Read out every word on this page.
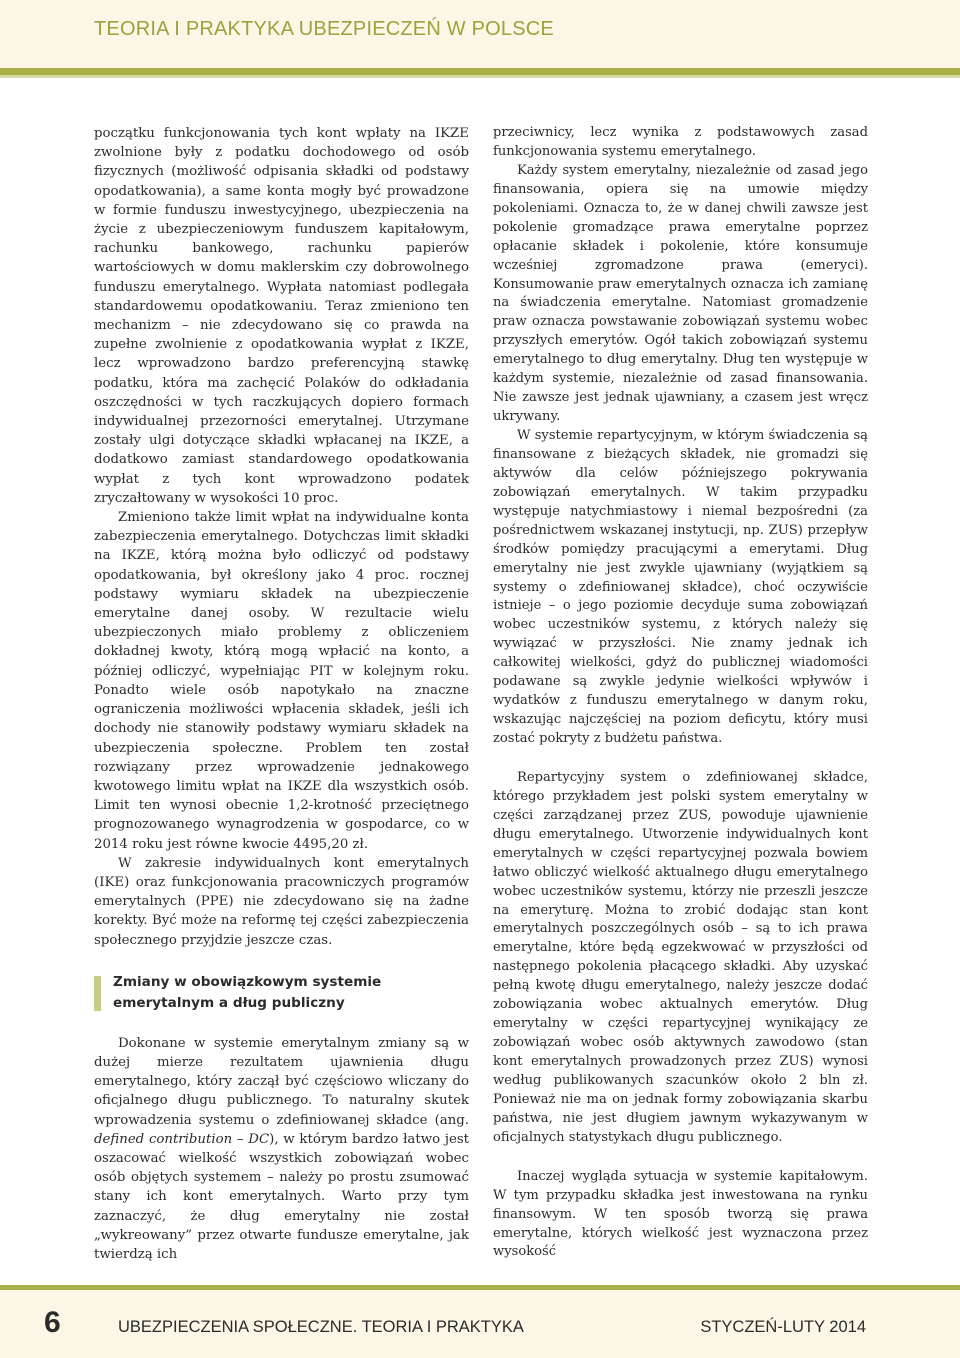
TEORIA I PRAKTYKA UBEZPIECZEŃ W POLSCE

początku funkcjonowania tych kont wpłaty na IKZE zwolnione były z podatku dochodowego od osób fizycznych (możliwość odpisania składki od podstawy opodatkowania), a same konta mogły być prowadzone w formie funduszu inwestycyjnego, ubezpieczenia na życie z ubezpieczeniowym funduszem kapitałowym, rachunku bankowego, rachunku papierów wartościowych w domu maklerskim czy dobrowolnego funduszu emerytalnego. Wypłata natomiast podlegała standardowemu opodatkowaniu. Teraz zmieniono ten mechanizm – nie zdecydowano się co prawda na zupełne zwolnienie z opodatkowania wypłat z IKZE, lecz wprowadzono bardzo preferencyjną stawkę podatku, która ma zachęcić Polaków do odkładania oszczędności w tych raczkujących dopiero formach indywidualnej przezorności emerytalnej. Utrzymane zostały ulgi dotyczące składki wpłacanej na IKZE, a dodatkowo zamiast standardowego opodatkowania wypłat z tych kont wprowadzono podatek zryczałtowany w wysokości 10 proc.

Zmieniono także limit wpłat na indywidualne konta zabezpieczenia emerytalnego. Dotychczas limit składki na IKZE, którą można było odliczyć od podstawy opodatkowania, był określony jako 4 proc. rocznej podstawy wymiaru składek na ubezpieczenie emerytalne danej osoby. W rezultacie wielu ubezpieczonych miało problemy z obliczeniem dokładnej kwoty, którą mogą wpłacić na konto, a później odliczyć, wypełniając PIT w kolejnym roku. Ponadto wiele osób napotykało na znaczne ograniczenia możliwości wpłacenia składek, jeśli ich dochody nie stanowiły podstawy wymiaru składek na ubezpieczenia społeczne. Problem ten został rozwiązany przez wprowadzenie jednakowego kwotowego limitu wpłat na IKZE dla wszystkich osób. Limit ten wynosi obecnie 1,2-krotność przeciętnego prognozowanego wynagrodzenia w gospodarce, co w 2014 roku jest równe kwocie 4495,20 zł.

W zakresie indywidualnych kont emerytalnych (IKE) oraz funkcjonowania pracowniczych programów emerytalnych (PPE) nie zdecydowano się na żadne korekty. Być może na reformę tej części zabezpieczenia społecznego przyjdzie jeszcze czas.

Zmiany w obowiązkowym systemie emerytalnym a dług publiczny

Dokonane w systemie emerytalnym zmiany są w dużej mierze rezultatem ujawnienia długu emerytalnego, który zaczął być częściowo wliczany do oficjalnego długu publicznego. To naturalny skutek wprowadzenia systemu o zdefiniowanej składce (ang. defined contribution – DC), w którym bardzo łatwo jest oszacować wielkość wszystkich zobowiązań wobec osób objętych systemem – należy po prostu zsumować stany ich kont emerytalnych. Warto przy tym zaznaczyć, że dług emerytalny nie został „wykreowany” przez otwarte fundusze emerytalne, jak twierdzą ich

przeciwnicy, lecz wynika z podstawowych zasad funkcjonowania systemu emerytalnego.

Każdy system emerytalny, niezależnie od zasad jego finansowania, opiera się na umowie między pokoleniami. Oznacza to, że w danej chwili zawsze jest pokolenie gromadzące prawa emerytalne poprzez opłacanie składek i pokolenie, które konsumuje wcześniej zgromadzone prawa (emeryci). Konsumowanie praw emerytalnych oznacza ich zamianę na świadczenia emerytalne. Natomiast gromadzenie praw oznacza powstawanie zobowiązań systemu wobec przyszłych emerytów. Ogół takich zobowiązań systemu emerytalnego to dług emerytalny. Dług ten występuje w każdym systemie, niezależnie od zasad finansowania. Nie zawsze jest jednak ujawniany, a czasem jest wręcz ukrywany.

W systemie repartycyjnym, w którym świadczenia są finansowane z bieżących składek, nie gromadzi się aktywów dla celów późniejszego pokrywania zobowiązań emerytalnych. W takim przypadku występuje natychmiastowy i niemal bezpośredni (za pośrednictwem wskazanej instytucji, np. ZUS) przepływ środków pomiędzy pracującymi a emerytami. Dług emerytalny nie jest zwykle ujawniany (wyjątkiem są systemy o zdefiniowanej składce), choć oczywiście istnieje – o jego poziomie decyduje suma zobowiązań wobec uczestników systemu, z których należy się wywiązać w przyszłości. Nie znamy jednak ich całkowitej wielkości, gdyż do publicznej wiadomości podawane są zwykle jedynie wielkości wpływów i wydatków z funduszu emerytalnego w danym roku, wskazując najczęściej na poziom deficytu, który musi zostać pokryty z budżetu państwa.

Repartycyjny system o zdefiniowanej składce, którego przykładem jest polski system emerytalny w części zarządzanej przez ZUS, powoduje ujawnienie długu emerytalnego. Utworzenie indywidualnych kont emerytalnych w części repartycyjnej pozwala bowiem łatwo obliczyć wielkość aktualnego długu emerytalnego wobec uczestników systemu, którzy nie przeszli jeszcze na emeryturę. Można to zrobić dodając stan kont emerytalnych poszczególnych osób – są to ich prawa emerytalne, które będą egzekwować w przyszłości od następnego pokolenia płacącego składki. Aby uzyskać pełną kwotę długu emerytalnego, należy jeszcze dodać zobowiązania wobec aktualnych emerytów. Dług emerytalny w części repartycyjnej wynikający ze zobowiązań wobec osób aktywnych zawodowo (stan kont emerytalnych prowadzonych przez ZUS) wynosi według publikowanych szacunków około 2 bln zł. Ponieważ nie ma on jednak formy zobowiązania skarbu państwa, nie jest długiem jawnym wykazywanym w oficjalnych statystykach długu publicznego.

Inaczej wygląda sytuacja w systemie kapitałowym. W tym przypadku składka jest inwestowana na rynku finansowym. W ten sposób tworzą się prawa emerytalne, których wielkość jest wyznaczona przez wysokość

6	UBEZPIECZENIA SPOŁECZNE. TEORIA I PRAKTYKA	STYCZEŃ-LUTY 2014
